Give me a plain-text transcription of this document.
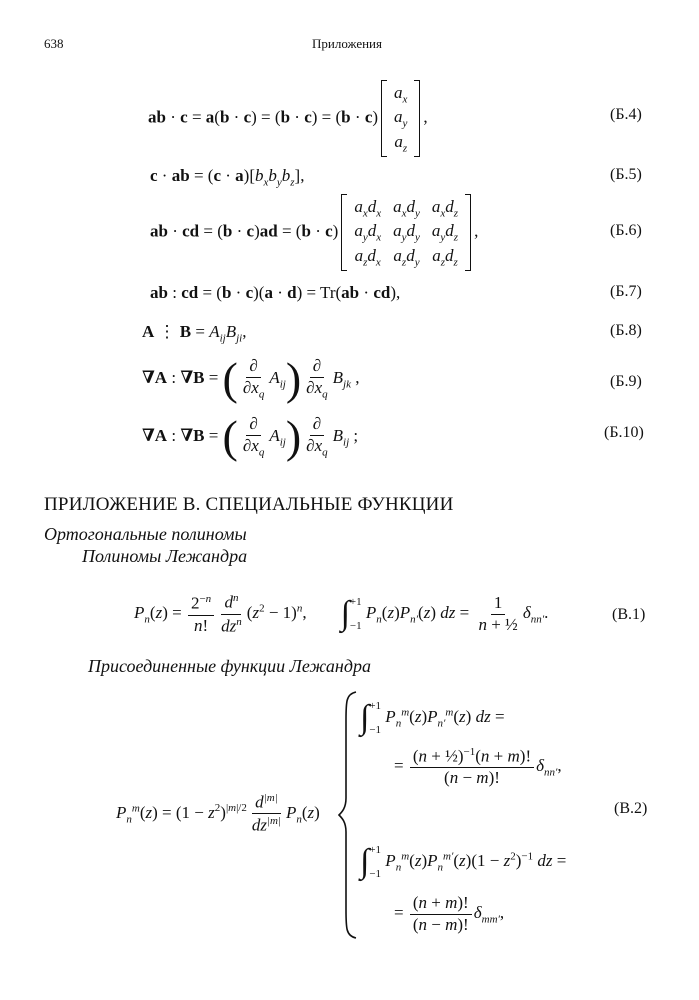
638	Приложения
ab · c = a(b · c) = (b · c) = (b · c)
$a_x$
$a_y$
$a_z$
,	(Б.4)
c · ab = $(c \cdot a)[b_xb_yb_z]$,	(Б.5)
ab · cd = (b · c)ad = (b · c)
$a_xd_x$	$a_xd_y$	$a_xd_z$
$a_yd_x$	$a_yd_y$	$a_yd_z$
$a_zd_x$	$a_zd_y$	$a_zd_z$
,	(Б.6)
ab : cd = (b · c)(a · d) = Tr(ab · cd),	(Б.7)
A ⋮ $B = A_{ij}B_{ji}$,	(Б.8)
∇A : ∇B = ( $\frac{\partial}{\partial x_q} A_{ij}) \frac{\partial}{\partial x_q} B_{jk}$ ,	(Б.9)
∇A : ∇B = ( $\frac{\partial}{\partial x_q} A_{ij}) \frac{\partial}{\partial x_q} B_{ij}$ ;	(Б.10)
ПРИЛОЖЕНИЕ В. СПЕЦИАЛЬНЫЕ ФУНКЦИИ
Ортогональные полиномы
Полиномы Лежандра
$P_n(z) = \frac{2^{-n}}{n!} \frac{d^n}{dz^n} (z^2 - 1)^n$,        ∫ +1
−1
$P_n(z)P_{n'}(z)$ dz = $\frac{1}{\text{n + ½}} \delta_{nn'}$.	(В.1)
Присоединенные функции Лежандра
$P_n^m(z) = (1 - z^2)^{|m|/2} \frac{d^{|m|}}{dz^{|m|}} P_n(z)$
∫ +1
−1
$P_n^m(z)P_{n'}^m(z)$ dz =
= $\frac{(n + \frac{1}{2})^{-1}(n + m)!}{(n - m)!} \delta_{nn'}$,
(В.2)
∫ +1
−1
$P_n^m(z)P_n^{m'}(z)(1 - z^2)^{-1}$ dz =
= $\frac{(n + m)!}{(n - m)!} \delta_{mm'}$,
